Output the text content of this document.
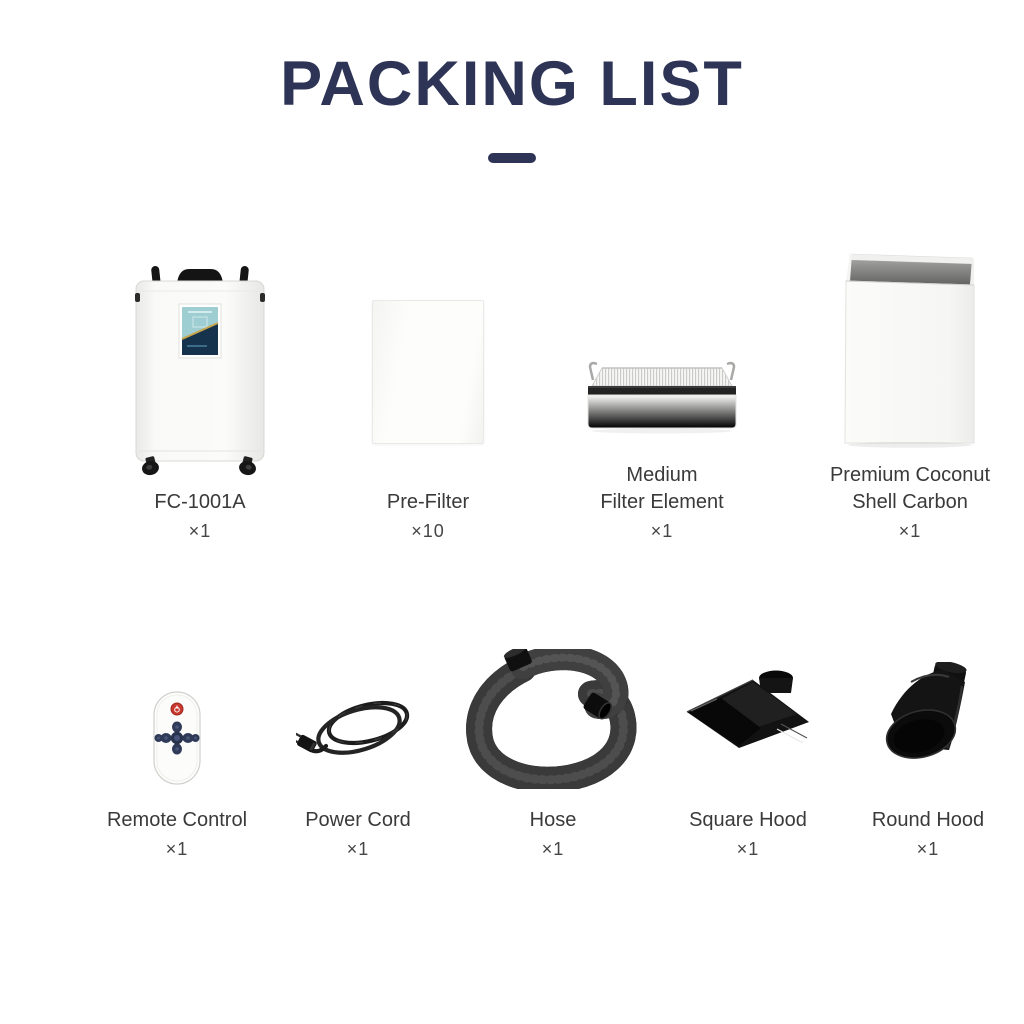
PACKING LIST
FC-1001A
×1
Pre-Filter
×10
Medium
Filter Element
×1
Premium Coconut
Shell Carbon
×1
Remote Control
×1
Power Cord
×1
Hose
×1
Square Hood
×1
Round Hood
×1
